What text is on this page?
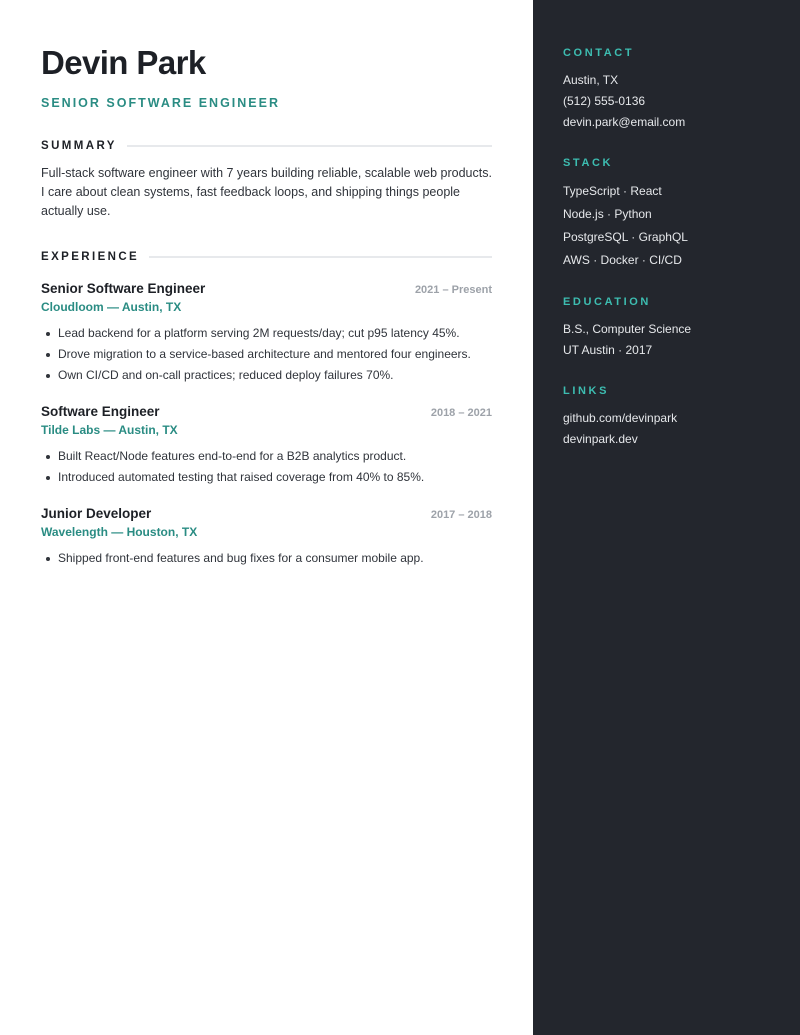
Devin Park
SENIOR SOFTWARE ENGINEER
SUMMARY
Full-stack software engineer with 7 years building reliable, scalable web products. I care about clean systems, fast feedback loops, and shipping things people actually use.
EXPERIENCE
Senior Software Engineer	2021 – Present
Cloudloom — Austin, TX
Lead backend for a platform serving 2M requests/day; cut p95 latency 45%.
Drove migration to a service-based architecture and mentored four engineers.
Own CI/CD and on-call practices; reduced deploy failures 70%.
Software Engineer	2018 – 2021
Tilde Labs — Austin, TX
Built React/Node features end-to-end for a B2B analytics product.
Introduced automated testing that raised coverage from 40% to 85%.
Junior Developer	2017 – 2018
Wavelength — Houston, TX
Shipped front-end features and bug fixes for a consumer mobile app.
CONTACT
Austin, TX
(512) 555-0136
devin.park@email.com
STACK
TypeScript · React
Node.js · Python
PostgreSQL · GraphQL
AWS · Docker · CI/CD
EDUCATION
B.S., Computer Science
UT Austin · 2017
LINKS
github.com/devinpark
devinpark.dev
